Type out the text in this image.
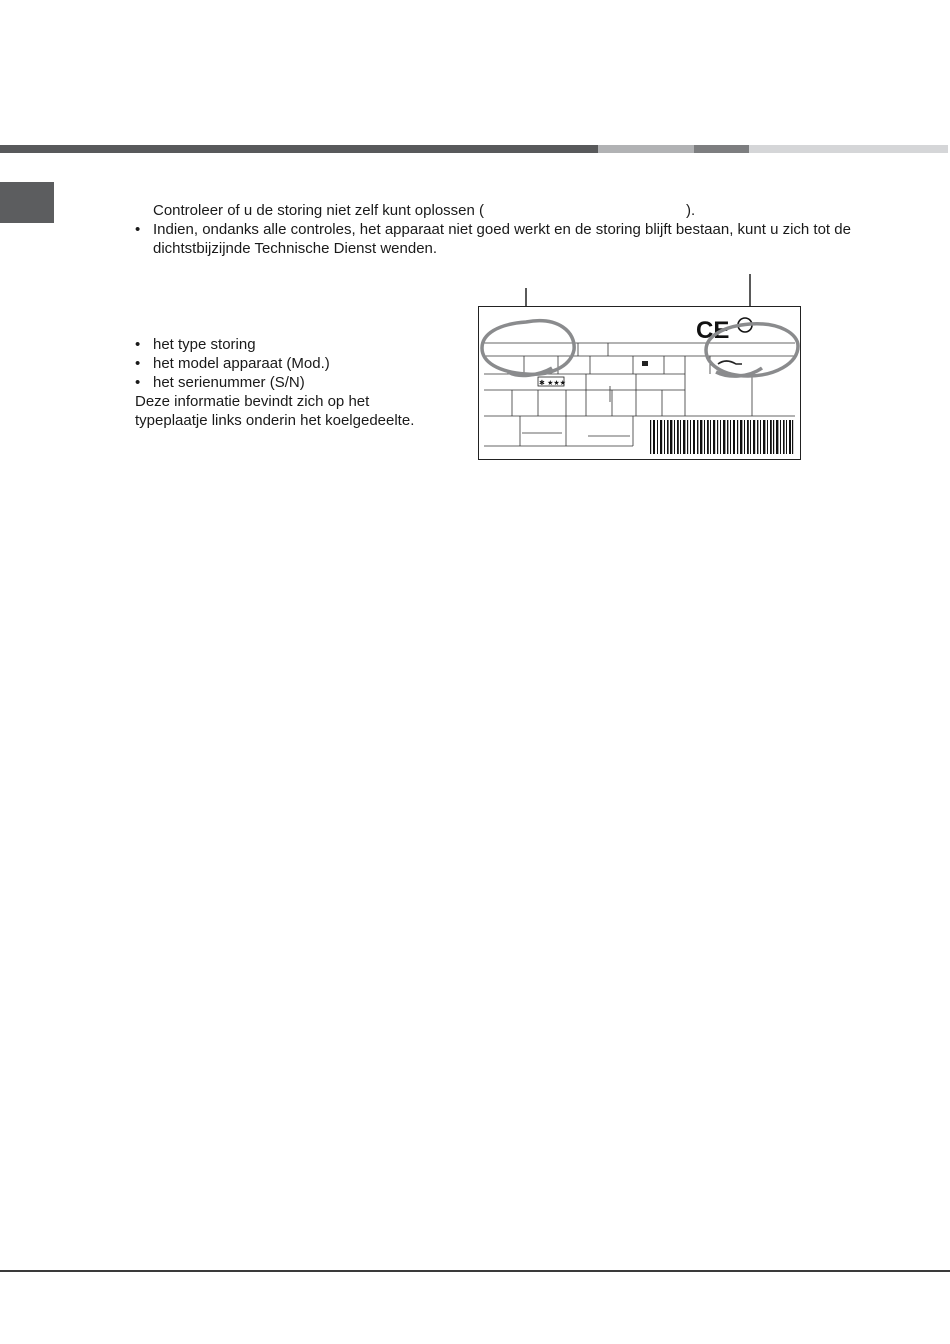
Controleer of u de storing niet zelf kunt oplossen (	).
• Indien, ondanks alle controles, het apparaat niet goed werkt en de storing blijft bestaan, kunt u zich tot de
dichtstbijzijnde Technische Dienst wenden.
• het type storing
• het model apparaat (Mod.)
• het serienummer (S/N)
Deze informatie bevindt zich op het
typeplaatje links onderin het koelgedeelte.
CE
✱ ★★★
